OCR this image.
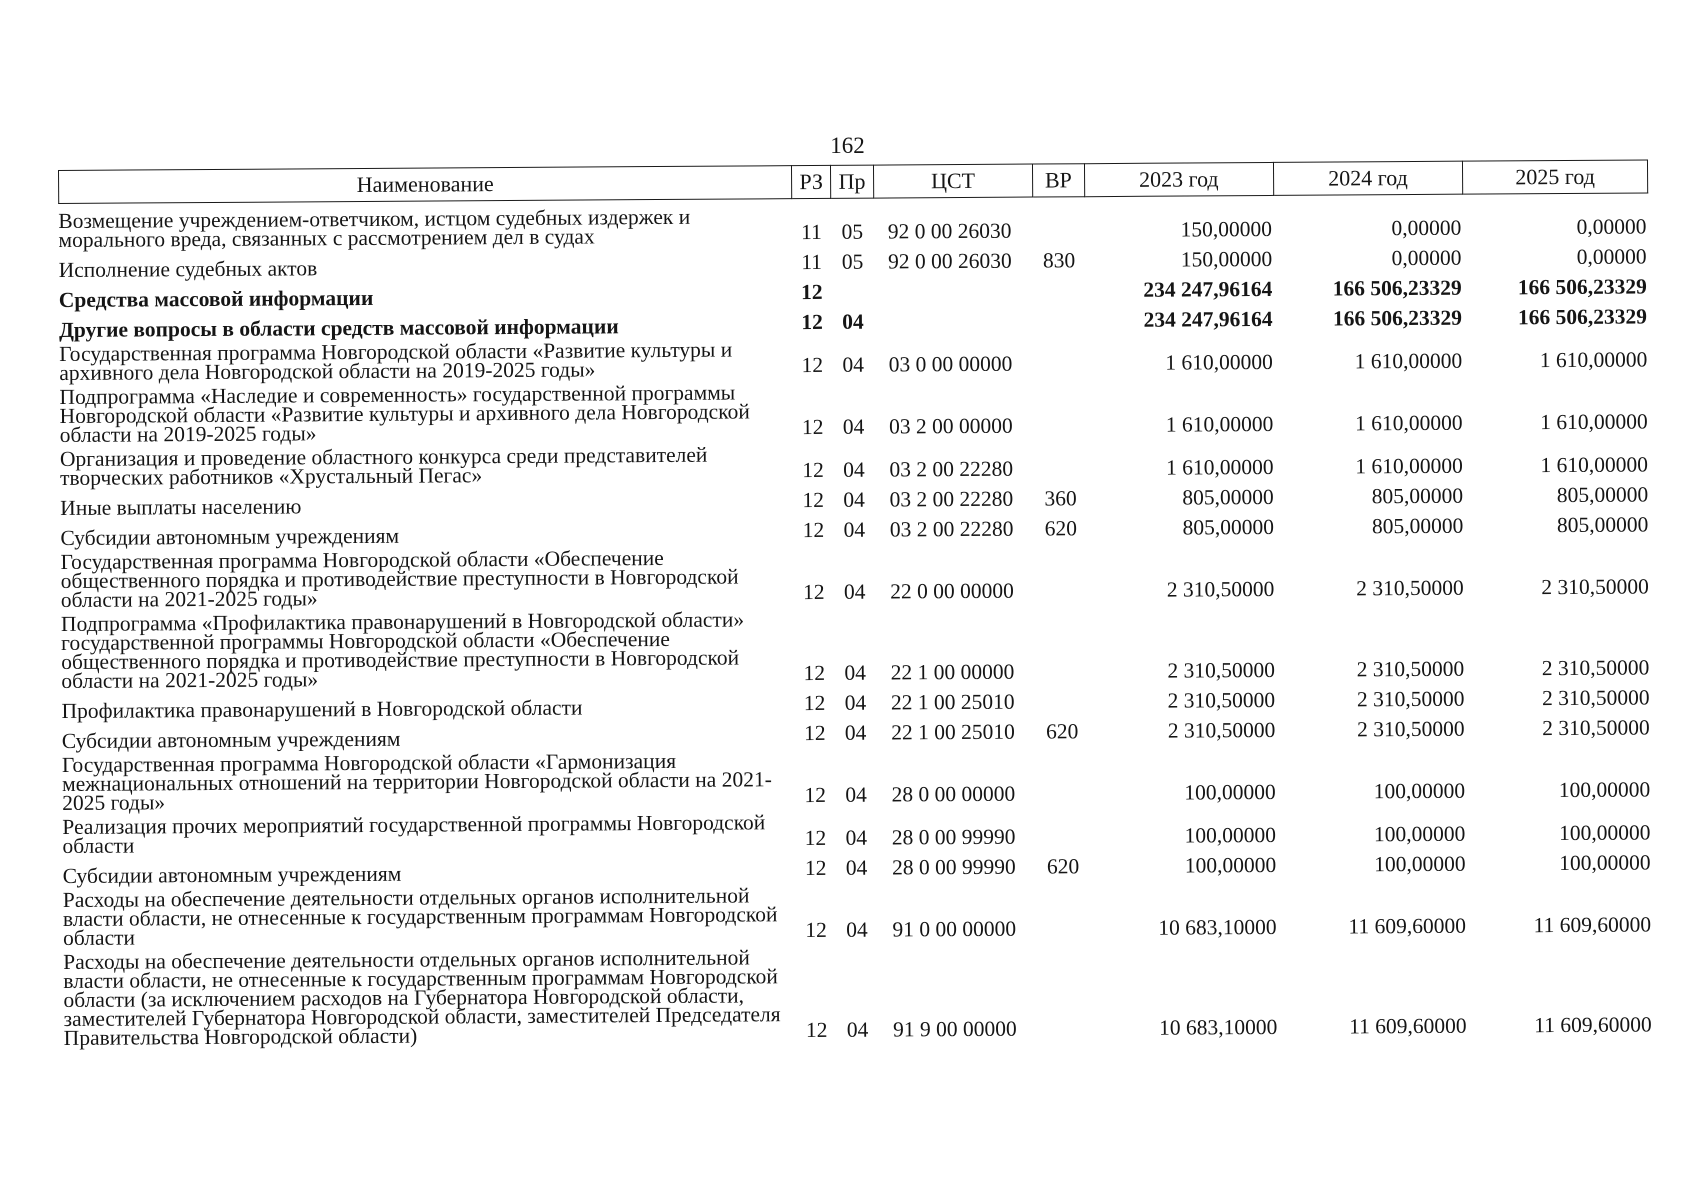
162
Наименование	РЗ	Пр	ЦСТ	ВР	2023 год	2024 год	2025 год
Возмещение учреждением-ответчиком, истцом судебных издержек и морального вреда, связанных с рассмотрением дел в судах	11	05	92 0 00 26030		150,00000	0,00000	0,00000
Исполнение судебных актов	11	05	92 0 00 26030	830	150,00000	0,00000	0,00000
Средства массовой информации	12				234 247,96164	166 506,23329	166 506,23329
Другие вопросы в области средств массовой информации	12	04			234 247,96164	166 506,23329	166 506,23329
Государственная программа Новгородской области «Развитие культуры и архивного дела Новгородской области на 2019-2025 годы»	12	04	03 0 00 00000		1 610,00000	1 610,00000	1 610,00000
Подпрограмма «Наследие и современность» государственной программы Новгородской области «Развитие культуры и архивного дела Новгородской области на 2019-2025 годы»	12	04	03 2 00 00000		1 610,00000	1 610,00000	1 610,00000
Организация и проведение областного конкурса среди представителей творческих работников «Хрустальный Пегас»	12	04	03 2 00 22280		1 610,00000	1 610,00000	1 610,00000
Иные выплаты населению	12	04	03 2 00 22280	360	805,00000	805,00000	805,00000
Субсидии автономным учреждениям	12	04	03 2 00 22280	620	805,00000	805,00000	805,00000
Государственная программа Новгородской области «Обеспечение общественного порядка и противодействие преступности в Новгородской области на 2021-2025 годы»	12	04	22 0 00 00000		2 310,50000	2 310,50000	2 310,50000
Подпрограмма «Профилактика правонарушений в Новгородской области» государственной программы Новгородской области «Обеспечение общественного порядка и противодействие преступности в Новгородской области на 2021-2025 годы»	12	04	22 1 00 00000		2 310,50000	2 310,50000	2 310,50000
Профилактика правонарушений в Новгородской области	12	04	22 1 00 25010		2 310,50000	2 310,50000	2 310,50000
Субсидии автономным учреждениям	12	04	22 1 00 25010	620	2 310,50000	2 310,50000	2 310,50000
Государственная программа Новгородской области «Гармонизация межнациональных отношений на территории Новгородской области на 2021-2025 годы»	12	04	28 0 00 00000		100,00000	100,00000	100,00000
Реализация прочих мероприятий государственной программы Новгородской области	12	04	28 0 00 99990		100,00000	100,00000	100,00000
Субсидии автономным учреждениям	12	04	28 0 00 99990	620	100,00000	100,00000	100,00000
Расходы на обеспечение деятельности отдельных органов исполнительной власти области, не отнесенные к государственным программам Новгородской области	12	04	91 0 00 00000		10 683,10000	11 609,60000	11 609,60000
Расходы на обеспечение деятельности отдельных органов исполнительной власти области, не отнесенные к государственным программам Новгородской области (за исключением расходов на Губернатора Новгородской области, заместителей Губернатора Новгородской области, заместителей Председателя Правительства Новгородской области)	12	04	91 9 00 00000		10 683,10000	11 609,60000	11 609,60000
